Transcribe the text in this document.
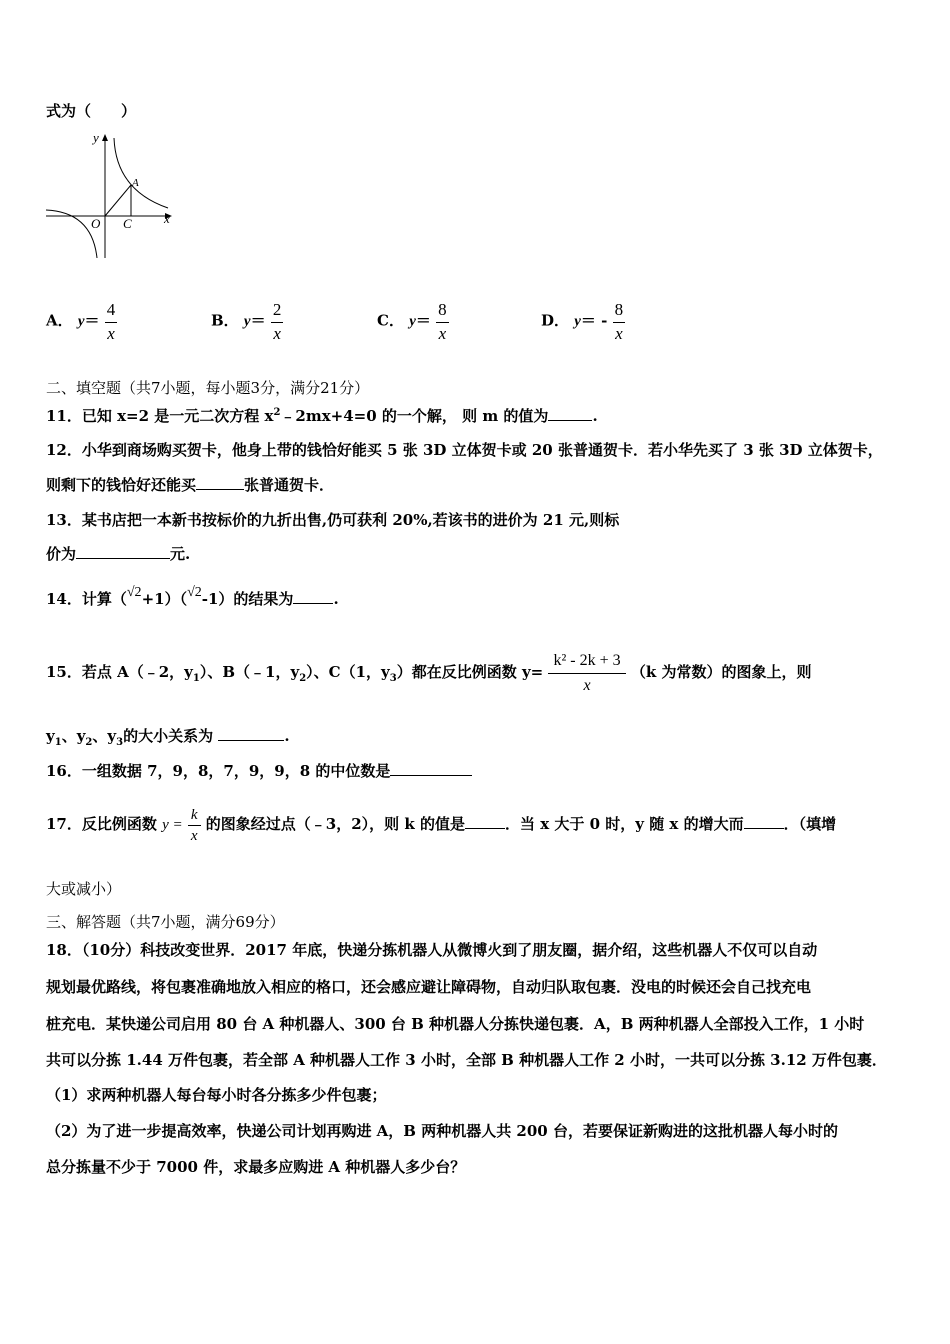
式为（　　）
y
x
O C
A
A． $y= \frac{4}{x}$	B． $y= \frac{2}{x}$	C． $y= \frac{8}{x}$	D． $y= - \frac{8}{x}$
二、填空题（共7小题，每小题3分，满分21分）
11．已知 x=2 是一元二次方程 $x^2﹣2mx+4=0$ 的一个解， 则 m 的值为	.
12．小华到商场购买贺卡，他身上带的钱恰好能买 5 张 3D 立体贺卡或 20 张普通贺卡．若小华先买了 3 张 3D 立体贺卡，
则剩下的钱恰好还能买	张普通贺卡．
13．某书店把一本新书按标价的九折出售,仍可获利 20%,若该书的进价为 21 元,则标
价为	元.
14．计算（√2+1）（√2-1）的结果为	.
15．若点 A（﹣2，$y_1$）、B（﹣1，$y_2$）、C（1，$y_3$）都在反比例函数 $y= \frac{\text{k² - 2k + 3}}{x} (k$ 为常数）的图象上，则
$y_1$、$y_2$、$y_3$的大小关系为	.
16．一组数据 7，9，8，7，9，9，8 的中位数是
17．反比例函数 $y = \frac{k}{x}$ 的图象经过点（﹣3，2），则 k 的值是	．当 x 大于 0 时，y 随 x 的增大而	．（填增
大或减小）
三、解答题（共7小题，满分69分）
18．（10分）科技改变世界．2017 年底，快递分拣机器人从微博火到了朋友圈，据介绍，这些机器人不仅可以自动
规划最优路线，将包裹准确地放入相应的格口，还会感应避让障碍物，自动归队取包裹．没电的时候还会自己找充电
桩充电．某快递公司启用 80 台 A 种机器人、300 台 B 种机器人分拣快递包裹．A，B 两种机器人全部投入工作，1 小时
共可以分拣 1.44 万件包裹，若全部 A 种机器人工作 3 小时，全部 B 种机器人工作 2 小时，一共可以分拣 3.12 万件包裹．
（1）求两种机器人每台每小时各分拣多少件包裹；
（2）为了进一步提高效率，快递公司计划再购进 A，B 两种机器人共 200 台，若要保证新购进的这批机器人每小时的
总分拣量不少于 7000 件，求最多应购进 A 种机器人多少台？
